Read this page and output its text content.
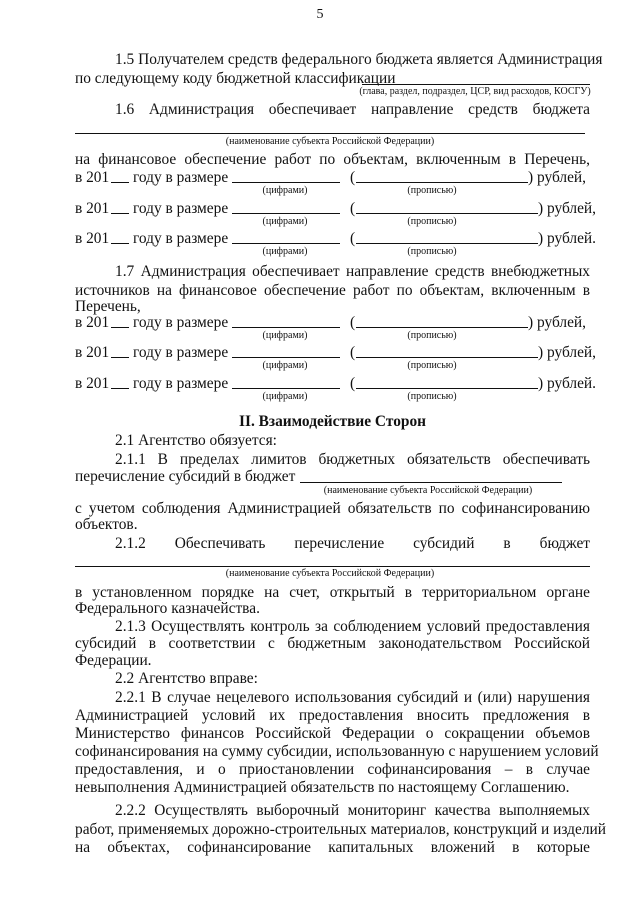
5
1.5 Получателем средств федерального бюджета является Администрация
по следующему коду бюджетной классификации
(глава, раздел, подраздел, ЦСР, вид расходов, КОСГУ)
1.6 Администрация обеспечивает направление средств бюджета
(наименование субъекта Российской Федерации)
на финансовое обеспечение работ по объектам, включенным в Перечень,
в 201 году в размере	(	) рублей,
(цифрами)	(прописью)
в 201 году в размере	(	) рублей,
(цифрами)	(прописью)
в 201 году в размере	(	) рублей.
(цифрами)	(прописью)
1.7 Администрация обеспечивает направление средств внебюджетных
источников на финансовое обеспечение работ по объектам, включенным в
Перечень,
в 201 году в размере	(	) рублей,
(цифрами)	(прописью)
в 201 году в размере	(	) рублей,
(цифрами)	(прописью)
в 201 году в размере	(	) рублей.
(цифрами)	(прописью)
II. Взаимодействие Сторон
2.1 Агентство обязуется:
2.1.1 В пределах лимитов бюджетных обязательств обеспечивать
перечисление субсидий в бюджет
(наименование субъекта Российской Федерации)
с учетом соблюдения Администрацией обязательств по софинансированию
объектов.
2.1.2 Обеспечивать перечисление субсидий в бюджет
(наименование субъекта Российской Федерации)
в установленном порядке на счет, открытый в территориальном органе
Федерального казначейства.
2.1.3 Осуществлять контроль за соблюдением условий предоставления
субсидий в соответствии с бюджетным законодательством Российской
Федерации.
2.2 Агентство вправе:
2.2.1 В случае нецелевого использования субсидий и (или) нарушения
Администрацией условий их предоставления вносить предложения в
Министерство финансов Российской Федерации о сокращении объемов
софинансирования на сумму субсидии, использованную с нарушением условий
предоставления, и о приостановлении софинансирования – в случае
невыполнения Администрацией обязательств по настоящему Соглашению.
2.2.2 Осуществлять выборочный мониторинг качества выполняемых
работ, применяемых дорожно-строительных материалов, конструкций и изделий
на объектах, софинансирование капитальных вложений в которые
